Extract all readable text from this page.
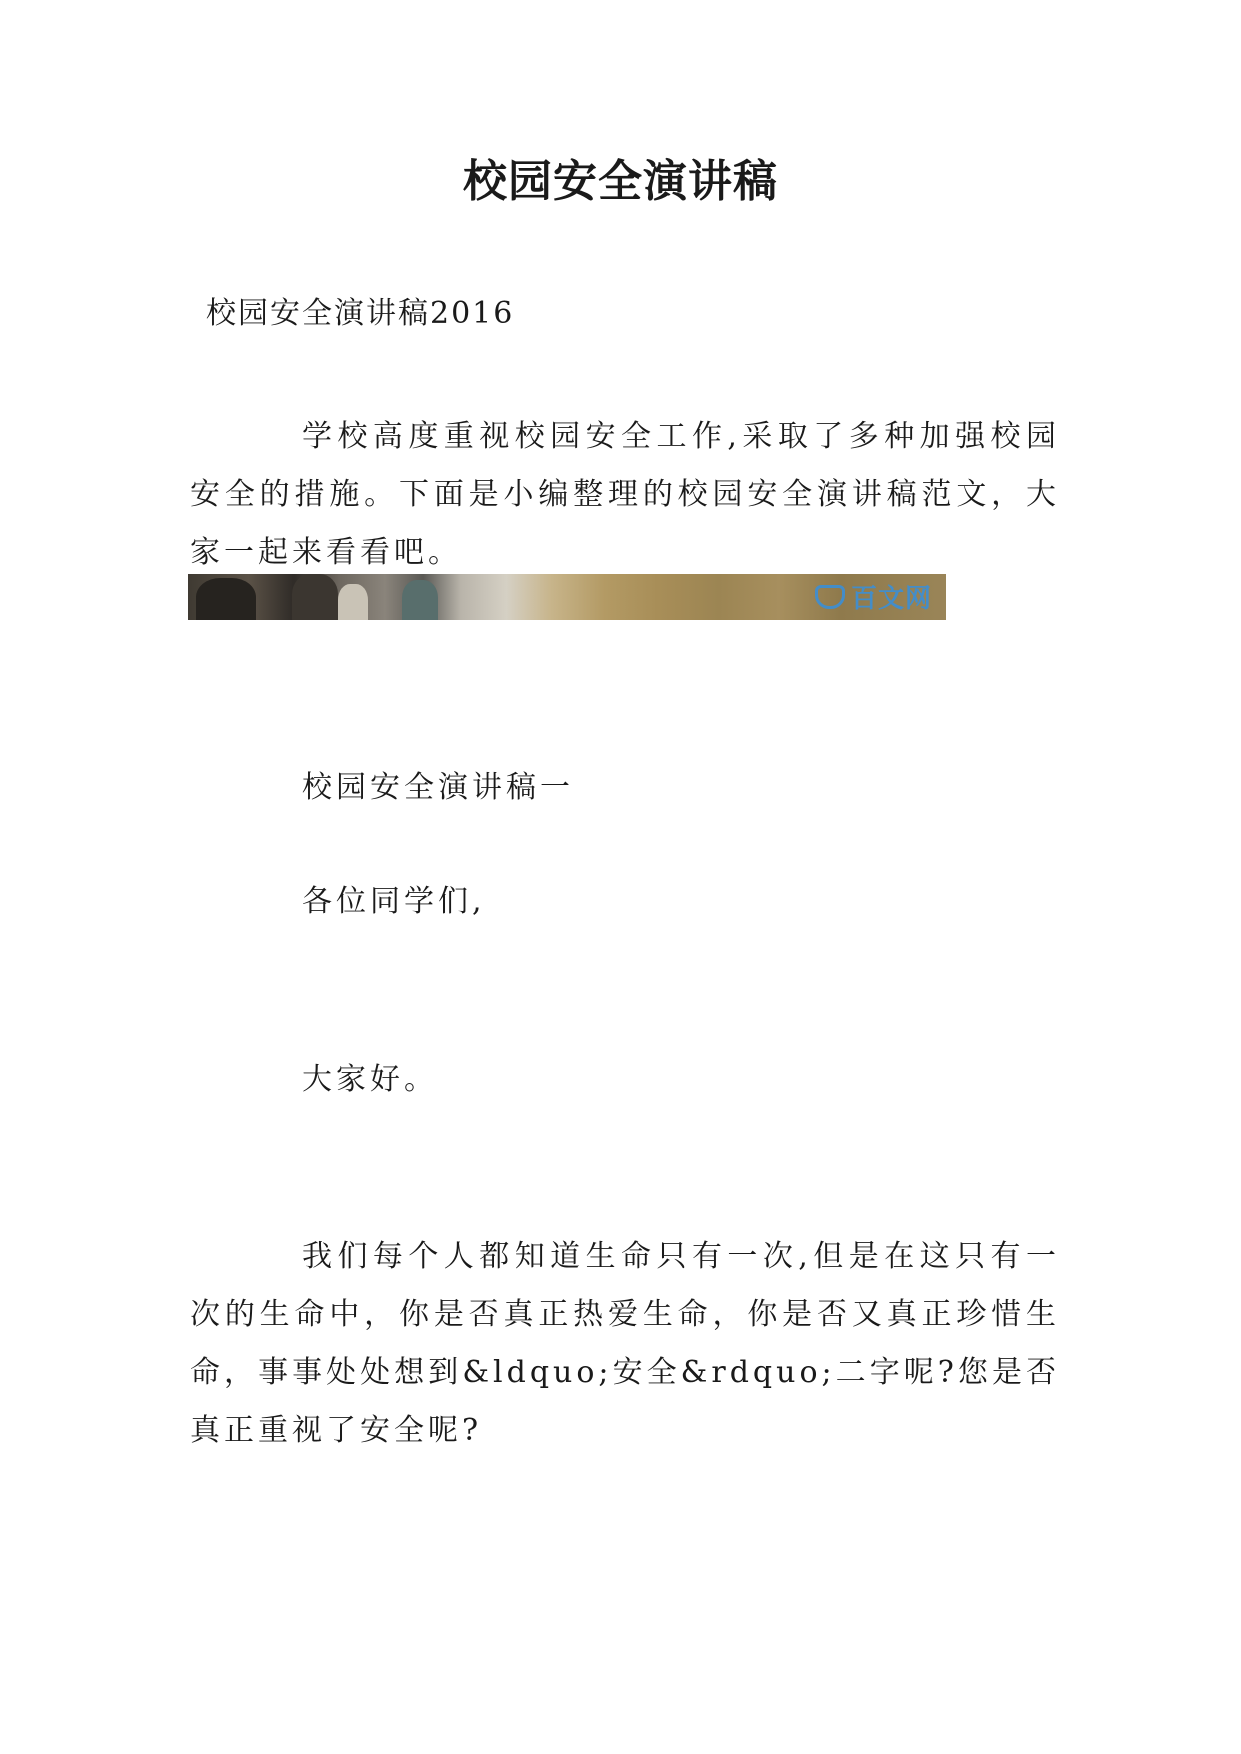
校园安全演讲稿
校园安全演讲稿2016

学校高度重视校园安全工作,采取了多种加强校园安全的措施。下面是小编整理的校园安全演讲稿范文，大家一起来看看吧。

百文网
校园安全演讲稿一
各位同学们,
大家好。

我们每个人都知道生命只有一次,但是在这只有一次的生命中，你是否真正热爱生命，你是否又真正珍惜生命，事事处处想到&ldquo;安全&rdquo;二字呢?您是否真正重视了安全呢?
